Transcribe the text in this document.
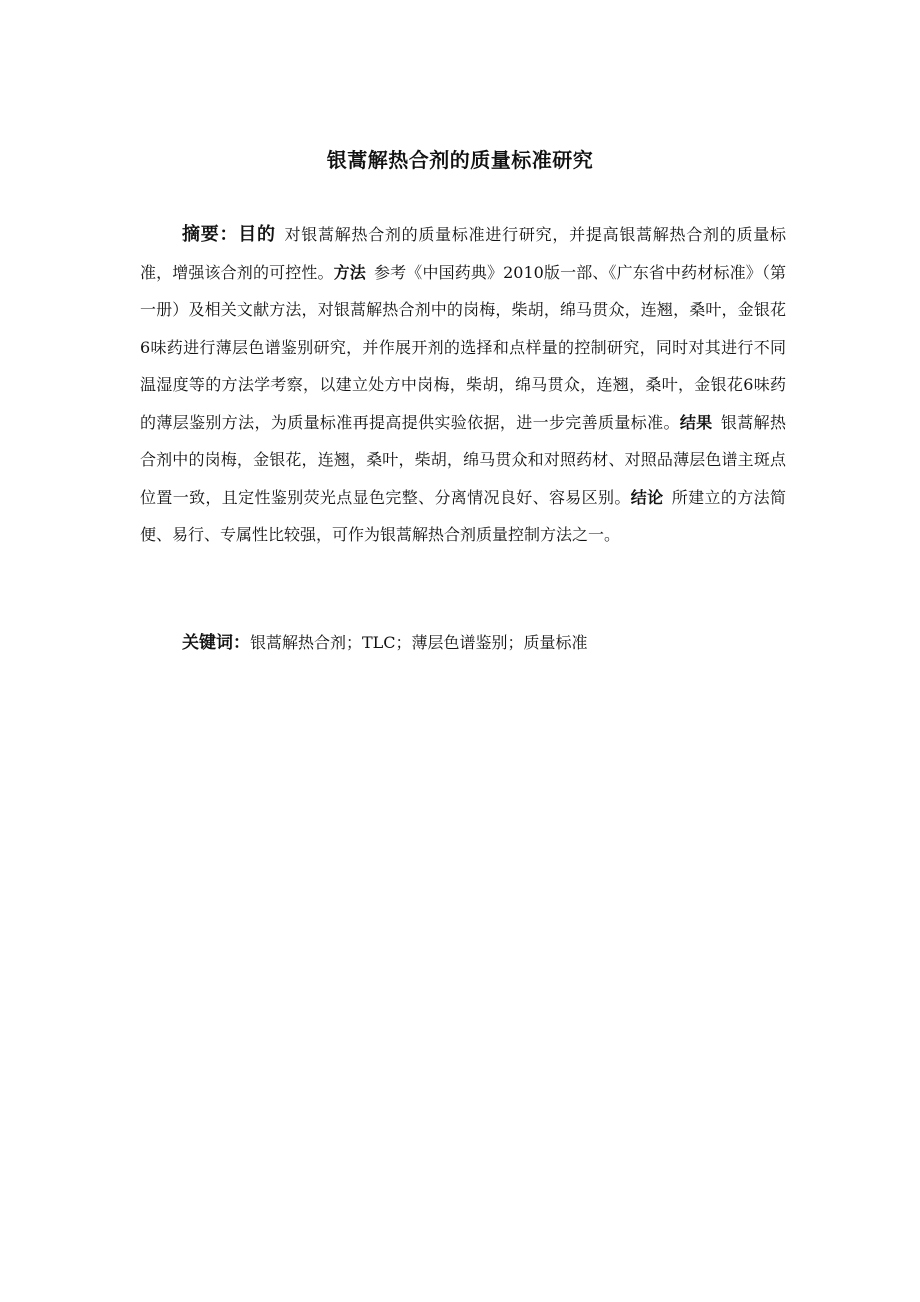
银蒿解热合剂的质量标准研究

摘要：目的 对银蒿解热合剂的质量标准进行研究，并提高银蒿解热合剂的质量标准，增强该合剂的可控性。方法 参考《中国药典》2010版一部、《广东省中药材标准》（第一册）及相关文献方法，对银蒿解热合剂中的岗梅，柴胡，绵马贯众，连翘，桑叶，金银花6味药进行薄层色谱鉴别研究，并作展开剂的选择和点样量的控制研究，同时对其进行不同温湿度等的方法学考察，以建立处方中岗梅，柴胡，绵马贯众，连翘，桑叶，金银花6味药的薄层鉴别方法，为质量标准再提高提供实验依据，进一步完善质量标准。结果 银蒿解热合剂中的岗梅，金银花，连翘，桑叶，柴胡，绵马贯众和对照药材、对照品薄层色谱主斑点位置一致，且定性鉴别荧光点显色完整、分离情况良好、容易区别。结论 所建立的方法简便、易行、专属性比较强，可作为银蒿解热合剂质量控制方法之一。

关键词：银蒿解热合剂；TLC；薄层色谱鉴别；质量标准
